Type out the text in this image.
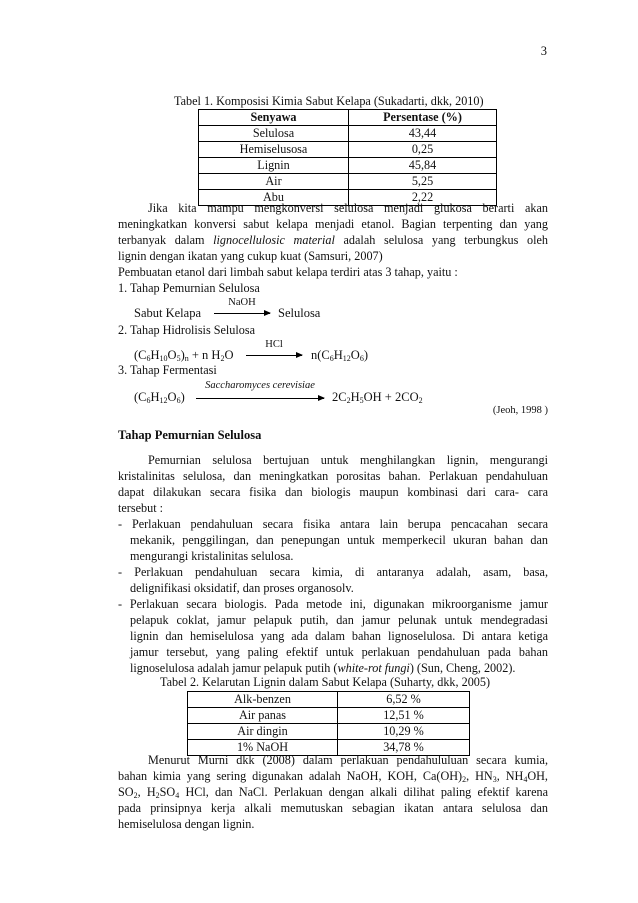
3
Tabel 1. Komposisi Kimia Sabut Kelapa (Sukadarti, dkk, 2010)
Senyawa	Persentase (%)
Selulosa	43,44
Hemiselusosa	0,25
Lignin	45,84
Air	5,25
Abu	2,22
Jika kita mampu mengkonversi selulosa menjadi glukosa berarti akan
meningkatkan konversi sabut kelapa menjadi etanol. Bagian terpenting dan yang
terbanyak dalam lignocellulosic material adalah selulosa yang terbungkus oleh
lignin dengan ikatan yang cukup kuat (Samsuri, 2007)
Pembuatan etanol dari limbah sabut kelapa terdiri atas 3 tahap, yaitu :
1. Tahap Pemurnian Selulosa
NaOH
Sabut Kelapa → Selulosa
2. Tahap Hidrolisis Selulosa
HCl
$(C_6H_{10}O_5)_n + n$ $H_2O \to n(C_6H_{12}O_6)$
3. Tahap Fermentasi
Saccharomyces cerevisiae
$(C_6H_{12}O_6)$	$2C_2H_5OH + 2CO_2$
(Jeoh, 1998 )
Tahap Pemurnian Selulosa
Pemurnian selulosa bertujuan untuk menghilangkan lignin, mengurangi
kristalinitas selulosa, dan meningkatkan porositas bahan. Perlakuan pendahuluan
dapat dilakukan secara fisika dan biologis maupun kombinasi dari cara- cara
tersebut :
- Perlakuan pendahuluan secara fisika antara lain berupa pencacahan secara
mekanik, penggilingan, dan penepungan untuk memperkecil ukuran bahan dan
mengurangi kristalinitas selulosa.
- Perlakuan pendahuluan secara kimia, di antaranya adalah, asam, basa,
delignifikasi oksidatif, dan proses organosolv.
- Perlakuan secara biologis. Pada metode ini, digunakan mikroorganisme jamur
pelapuk coklat, jamur pelapuk putih, dan jamur pelunak untuk mendegradasi
lignin dan hemiselulosa yang ada dalam bahan lignoselulosa. Di antara ketiga
jamur tersebut, yang paling efektif untuk perlakuan pendahuluan pada bahan
lignoselulosa adalah jamur pelapuk putih (white-rot fungi) (Sun, Cheng, 2002).
Tabel 2. Kelarutan Lignin dalam Sabut Kelapa (Suharty, dkk, 2005)
Alk-benzen	6,52 %
Air panas	12,51 %
Air dingin	10,29 %
1% NaOH	34,78 %
Menurut Murni dkk (2008) dalam perlakuan pendahululuan secara kumia,
bahan kimia yang sering digunakan adalah NaOH, KOH, $Ca(OH)_2$, $HN_3$, $NH_4OH$,
$SO_2$, $H_2SO_4$ HCl, dan NaCl. Perlakuan dengan alkali dilihat paling efektif karena
pada prinsipnya kerja alkali memutuskan sebagian ikatan antara selulosa dan
hemiselulosa dengan lignin.
